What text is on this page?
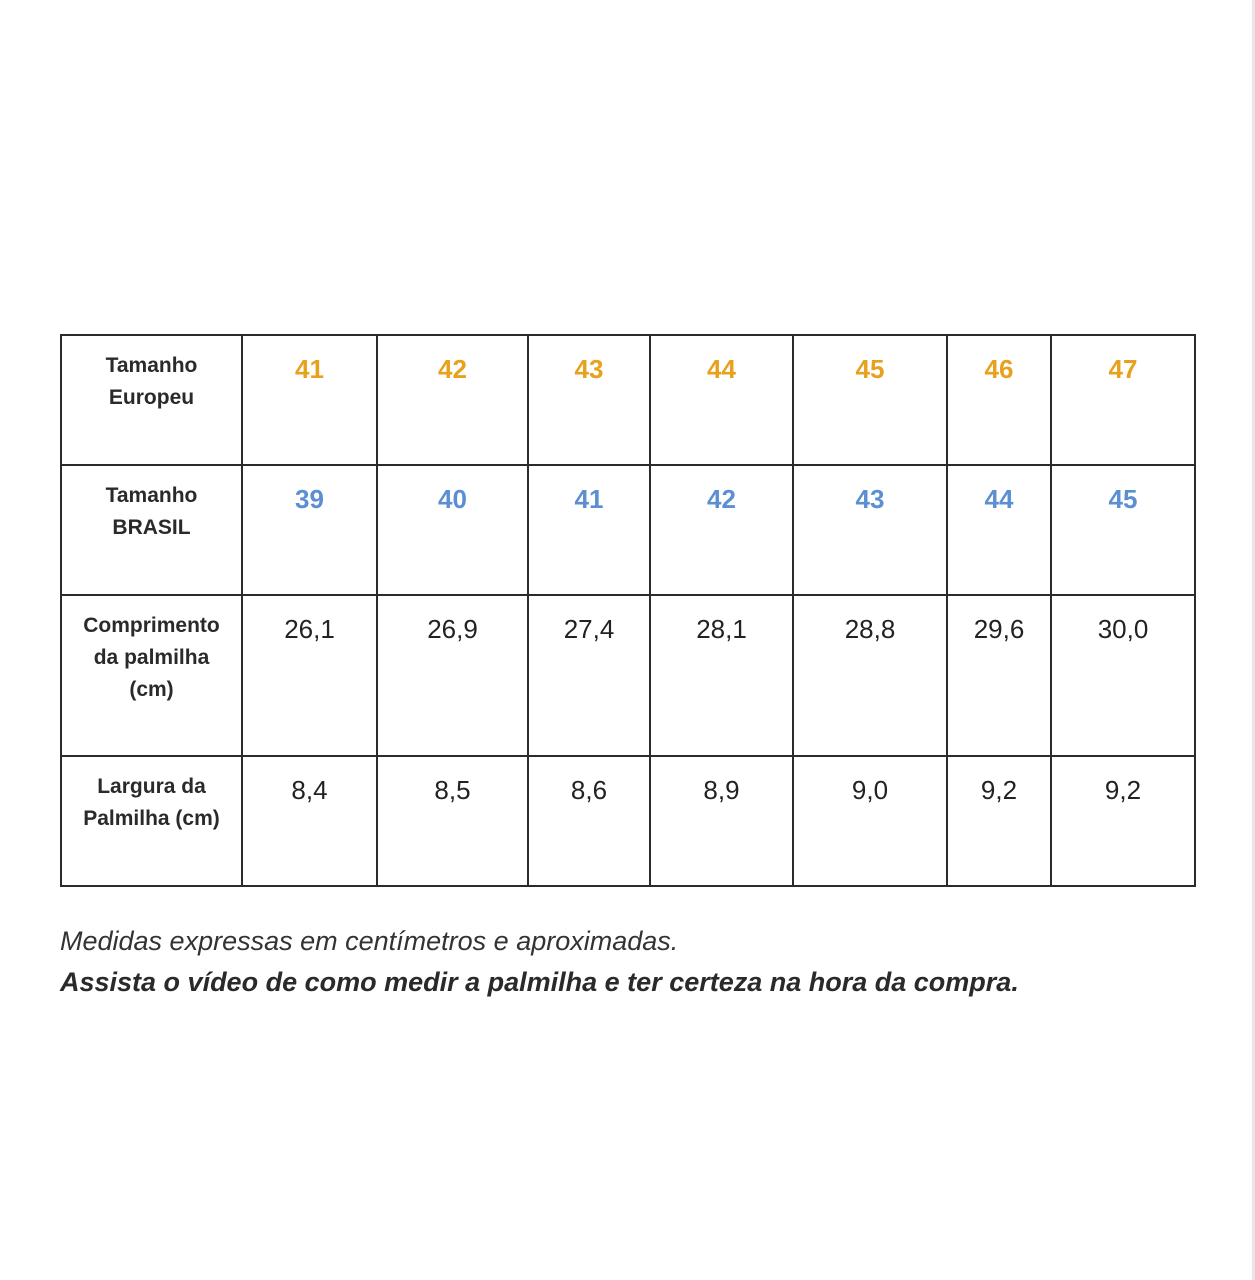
Tamanho
Europeu	41	42	43	44	45	46	47

Tamanho
BRASIL	39	40	41	42	43	44	45

Comprimento
da palmilha
(cm)	26,1	26,9	27,4	28,1	28,8	29,6	30,0

Largura da
Palmilha (cm)	8,4	8,5	8,6	8,9	9,0	9,2	9,2
Medidas expressas em centímetros e aproximadas.
Assista o vídeo de como medir a palmilha e ter certeza na hora da compra.
